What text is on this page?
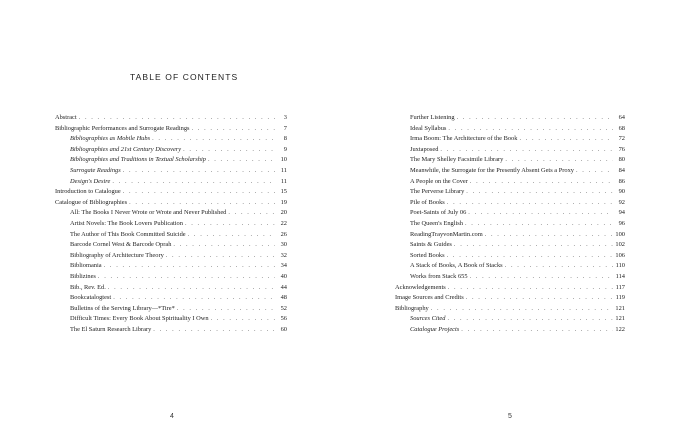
TABLE OF CONTENTS
Abstract . . .	3
Bibliographic Performances and Surrogate Readings . . .	7
Bibliographies as Mobile Hubs . . .	8
Bibliographies and 21st Century Discovery . . .	9
Bibliographies and Traditions in Textual Scholarship . . .	10
Surrogate Readings . . .	11
Design's Desire . . .	11
Introduction to Catalogue . . .	15
Catalogue of Bibliographies . . .	19
All: The Books I Never Wrote or Wrote and Never Published . . .	20
Artist Novels: The Book Lovers Publication . . .	22
The Author of This Book Committed Suicide . . .	26
Barcode Cornel West & Barcode Oprah . . .	30
Bibliography of Architecture Theory . . .	32
Bibliomania . . .	34
Biblizines . . .	40
Bib., Rev. Ed. . . .	44
Bookcatalogtest . . .	48
Bulletins of the Serving Library—*Tire* . . .	52
Difficult Times: Every Book About Spirituality I Own . . .	56
The El Saturn Research Library . . .	60
4
Further Listening . . .	64
Ideal Syllabus . . .	68
Irma Boom: The Architecture of the Book . . .	72
Juxtaposed . . .	76
The Mary Shelley Facsimile Library . . .	80
Meanwhile, the Surrogate for the Presently Absent Gets a Proxy . . .	84
A People on the Cover . . .	86
The Perverse Library . . .	90
Pile of Books . . .	92
Poet-Saints of July 06 . . .	94
The Queen's English . . .	96
ReadingTrayvonMartin.com . . .	100
Saints & Guides . . .	102
Sorted Books . . .	106
A Stack of Books, A Book of Stacks . . .	110
Works from Stack 655 . . .	114
Acknowledgements . . .	117
Image Sources and Credits . . .	119
Bibliography . . .	121
Sources Cited . . .	121
Catalogue Projects . . .	122
5
